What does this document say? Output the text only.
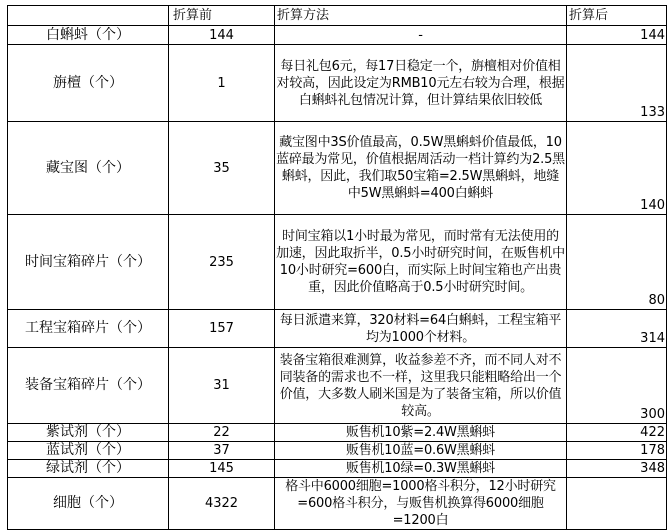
	折算前	折算方法	折算后
白蝌蚪（个）	144	-	144
旃檀（个）	1	每日礼包6元，每17日稳定一个，旃檀相对价值相对较高，因此设定为RMB10元左右较为合理，根据白蝌蚪礼包情况计算，但计算结果依旧较低	133
藏宝图（个）	35	藏宝图中3S价值最高，0.5W黑蝌蚪价值最低，10蓝碎最为常见，价值根据周活动一档计算约为2.5黑蝌蚪，因此，我们取50宝箱=2.5W黑蝌蚪，地缝中5W黑蝌蚪=400白蝌蚪	140
时间宝箱碎片（个）	235	时间宝箱以1小时最为常见，而时常有无法使用的加速，因此取折半，0.5小时研究时间，在贩售机中10小时研究=600白，而实际上时间宝箱也产出贵重，因此价值略高于0.5小时研究时间。	80
工程宝箱碎片（个）	157	每日派遣来算，320材料=64白蝌蚪，工程宝箱平均为1000个材料。	314
装备宝箱碎片（个）	31	装备宝箱很难测算，收益参差不齐，而不同人对不同装备的需求也不一样，这里我只能粗略给出一个价值，大多数人刷米国是为了装备宝箱，所以价值较高。	300
紫试剂（个）	22	贩售机10紫=2.4W黑蝌蚪	422
蓝试剂（个）	37	贩售机10蓝=0.6W黑蝌蚪	178
绿试剂（个）	145	贩售机10绿=0.3W黑蝌蚪	348
细胞（个）	4322	格斗中6000细胞=1000格斗积分，12小时研究=600格斗积分，与贩售机换算得6000细胞=1200白	
